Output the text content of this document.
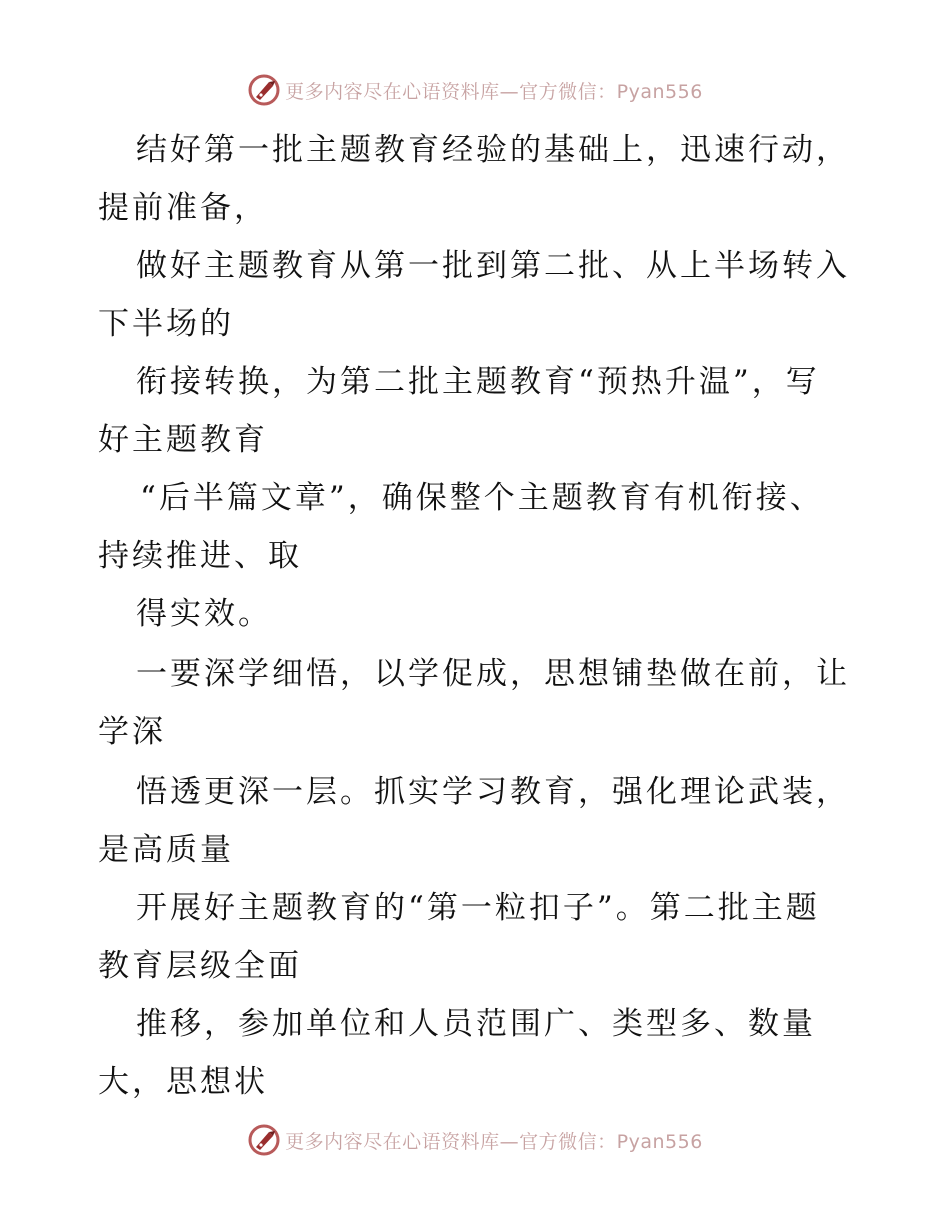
更多内容尽在心语资料库—官方微信：Pyan556
结好第一批主题教育经验的基础上，迅速行动，
提前准备，
做好主题教育从第一批到第二批、从上半场转入
下半场的
衔接转换，为第二批主题教育“预热升温”，写
好主题教育
“后半篇文章”，确保整个主题教育有机衔接、
持续推进、取
得实效。
一要深学细悟，以学促成，思想铺垫做在前，让
学深
悟透更深一层。抓实学习教育，强化理论武装，
是高质量
开展好主题教育的“第一粒扣子”。第二批主题
教育层级全面
推移，参加单位和人员范围广、类型多、数量
大，思想状
更多内容尽在心语资料库—官方微信：Pyan556
